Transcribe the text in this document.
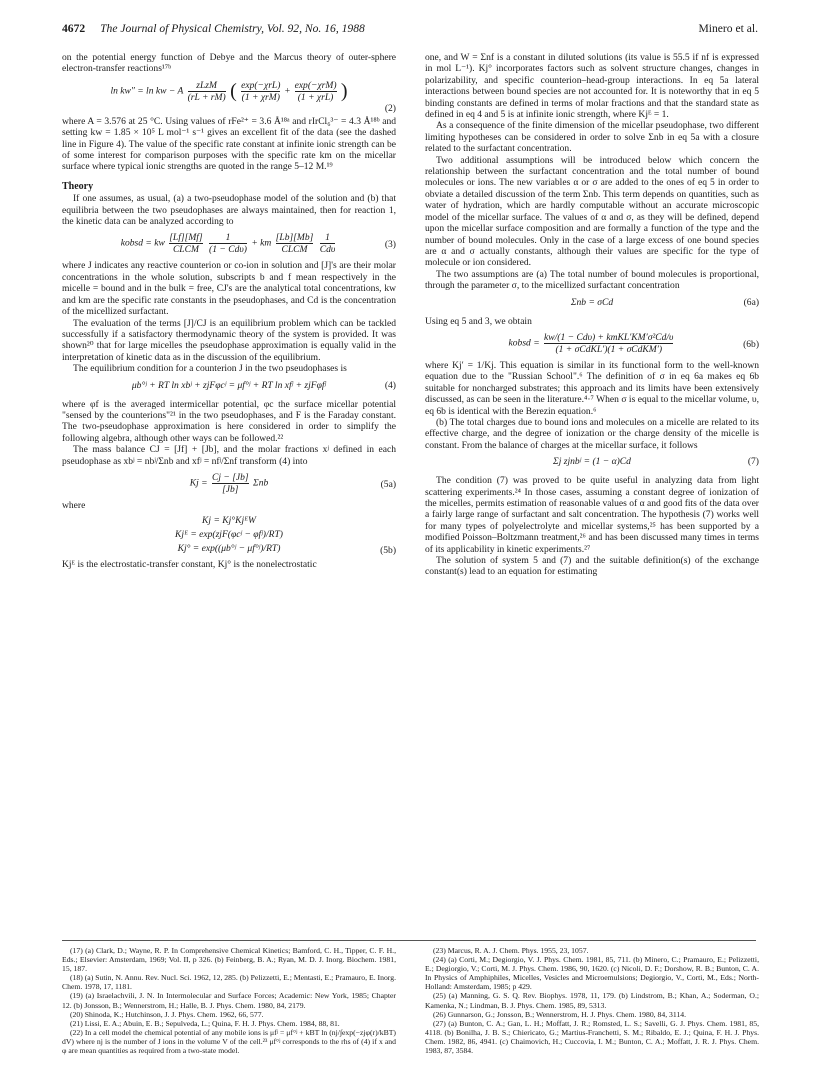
4672 The Journal of Physical Chemistry, Vol. 92, No. 16, 1988	Minero et al.

on the potential energy function of Debye and the Marcus theory of outer-sphere electron-transfer reactions¹⁷ᵇ

ln kw″ = ln kw − A $\frac{\text{zLzM}}{(rL + rM)}$ ( $\frac{\text{exp(−χrL)}}{\text{(1 + χrM)}} + \frac{\text{exp(−χrM)}}{\text{(1 + χrL)}}$ )
(2)

where A = 3.576 at 25 °C. Using values of rFe²⁺ = 3.6 Å¹⁸ᵃ and rIrCl₆³⁻ = 4.3 Å¹⁸ᵇ and setting kw = 1.85 × 10⁵ L mol⁻¹ s⁻¹ gives an excellent fit of the data (see the dashed line in Figure 4). The value of the specific rate constant at infinite ionic strength can be of some interest for comparison purposes with the specific rate km on the micellar surface where typical ionic strengths are quoted in the range 5–12 M.¹⁹

Theory

If one assumes, as usual, (a) a two-pseudophase model of the solution and (b) that equilibria between the two pseudophases are always maintained, then for reaction 1, the kinetic data can be analyzed according to

kobsd = kw $\frac{[Lf][Mf]}{\text{CLCM}}$
$\frac{1}{\text{(1 − Cdυ)}}$ + km $\frac{[Lb][Mb]}{\text{CLCM}}$
$\frac{1}{\text{Cdυ}}$	(3)

where J indicates any reactive counterion or co-ion in solution and [J]'s are their molar concentrations in the whole solution, subscripts b and f mean respectively in the micelle = bound and in the bulk = free, CJ's are the analytical total concentrations, kw and km are the specific rate constants in the pseudophases, and Cd is the concentration of the micellized surfactant.

The evaluation of the terms [J]/CJ is an equilibrium problem which can be tackled successfully if a satisfactory thermodynamic theory of the system is provided. It was shown²⁰ that for large micelles the pseudophase approximation is equally valid in the interpretation of kinetic data as in the discussion of the equilibrium.

The equilibrium condition for a counterion J in the two pseudophases is

μb°ʲ + RT ln xbʲ + zjFφcʲ = μf°ʲ + RT ln xfʲ + zjFφfʲ	(4)

where φf is the averaged intermicellar potential, φc the surface micellar potential "sensed by the counterions"²¹ in the two pseudophases, and F is the Faraday constant. The two-pseudophase approximation is here considered in order to simplify the following algebra, although other ways can be followed.²²

The mass balance CJ = [Jf] + [Jb], and the molar fractions xʲ defined in each pseudophase as xbʲ = nbʲ/Σnb and xfʲ = nfʲ/Σnf transform (4) into

$Kj = \frac{Cj - [Jb]}{[Jb]}$ Σnb	(5a)

where

Kj = Kj°KjᴱW
Kjᴱ = exp(zjF(φcʲ − φfʲ)/RT)
Kj° = exp((μb°ʲ − μf°ʲ)/RT)	(5b)

Kjᴱ is the electrostatic-transfer constant, Kj° is the nonelectrostatic

one, and W = Σnf is a constant in diluted solutions (its value is 55.5 if nf is expressed in mol L⁻¹). Kj° incorporates factors such as solvent structure changes, changes in polarizability, and specific counterion–head-group interactions. In eq 5a lateral interactions between bound species are not accounted for. It is noteworthy that in eq 5 binding constants are defined in terms of molar fractions and that the standard state as defined in eq 4 and 5 is at infinite ionic strength, where Kjᴱ = 1.

As a consequence of the finite dimension of the micellar pseudophase, two different limiting hypotheses can be considered in order to solve Σnb in eq 5a with a closure related to the surfactant concentration.

Two additional assumptions will be introduced below which concern the relationship between the surfactant concentration and the total number of bound molecules or ions. The new variables α or σ are added to the ones of eq 5 in order to obviate a detailed discussion of the term Σnb. This term depends on quantities, such as water of hydration, which are hardly computable without an accurate microscopic model of the micellar surface. The values of α and σ, as they will be defined, depend upon the micellar surface composition and are formally a function of the type and the number of bound molecules. Only in the case of a large excess of one bound species are α and σ actually constants, although their values are specific for the type of molecule or ion considered.

The two assumptions are (a) The total number of bound molecules is proportional, through the parameter σ, to the micellized surfactant concentration

Σnb = σCd	(6a)

Using eq 5 and 3, we obtain

kobsd = $\frac{\text{kw/(1 − Cdυ) + kmKL′KM′σ²Cd/υ}}{\text{(1 + σCdKL′)(1 + σCdKM′)}}$	(6b)

where Kj′ = 1/Kj. This equation is similar in its functional form to the well-known equation due to the "Russian School".⁶ The definition of σ in eq 6a makes eq 6b suitable for noncharged substrates; this approach and its limits have been extensively discussed, as can be seen in the literature.⁴·⁷ When σ is equal to the micellar volume, υ, eq 6b is identical with the Berezin equation.⁶

(b) The total charges due to bound ions and molecules on a micelle are related to its effective charge, and the degree of ionization or the charge density of the micelle is constant. From the balance of charges at the micellar surface, it follows

Σj zjnbʲ = (1 − α)Cd	(7)

The condition (7) was proved to be quite useful in analyzing data from light scattering experiments.²⁴ In those cases, assuming a constant degree of ionization of the micelles, permits estimation of reasonable values of α and good fits of the data over a fairly large range of surfactant and salt concentration. The hypothesis (7) works well for many types of polyelectrolyte and micellar systems,²⁵ has been supported by a modified Poisson–Boltzmann treatment,²⁶ and has been discussed many times in terms of its applicability in kinetic experiments.²⁷

The solution of system 5 and (7) and the suitable definition(s) of the exchange constant(s) lead to an equation for estimating

(17) (a) Clark, D.; Wayne, R. P. In Comprehensive Chemical Kinetics; Bamford, C. H., Tipper, C. F. H., Eds.; Elsevier: Amsterdam, 1969; Vol. II, p 326. (b) Feinberg, B. A.; Ryan, M. D. J. Inorg. Biochem. 1981, 15, 187.

(18) (a) Sutin, N. Annu. Rev. Nucl. Sci. 1962, 12, 285. (b) Pelizzetti, E.; Mentasti, E.; Pramauro, E. Inorg. Chem. 1978, 17, 1181.

(19) (a) Israelachvili, J. N. In Intermolecular and Surface Forces; Academic: New York, 1985; Chapter 12. (b) Jonsson, B.; Wennerstrom, H.; Halle, B. J. Phys. Chem. 1980, 84, 2179.

(20) Shinoda, K.; Hutchinson, J. J. Phys. Chem. 1962, 66, 577.

(21) Lissi, E. A.; Abuin, E. B.; Sepulveda, L.; Quina, F. H. J. Phys. Chem. 1984, 88, 81.

(22) In a cell model the chemical potential of any mobile ions is μfʲ = μf°ʲ + kBT ln (nj/∫exp(−zjφ(r)/kBT) dV) where nj is the number of J ions in the volume V of the cell.²³ μf°ʲ corresponds to the rhs of (4) if x and φ are mean quantities as required from a two-state model.

(23) Marcus, R. A. J. Chem. Phys. 1955, 23, 1057.

(24) (a) Corti, M.; Degiorgio, V. J. Phys. Chem. 1981, 85, 711. (b) Minero, C.; Pramauro, E.; Pelizzetti, E.; Degiorgio, V.; Corti, M. J. Phys. Chem. 1986, 90, 1620. (c) Nicoli, D. F.; Dorshow, R. B.; Bunton, C. A. In Physics of Amphiphiles, Micelles, Vesicles and Microemulsions; Degiorgio, V., Corti, M., Eds.; North-Holland: Amsterdam, 1985; p 429.

(25) (a) Manning, G. S. Q. Rev. Biophys. 1978, 11, 179. (b) Lindstrom, B.; Khan, A.; Soderman, O.; Kamenka, N.; Lindman, B. J. Phys. Chem. 1985, 89, 5313.

(26) Gunnarson, G.; Jonsson, B.; Wennerstrom, H. J. Phys. Chem. 1980, 84, 3114.

(27) (a) Bunton, C. A.; Gan, L. H.; Moffatt, J. R.; Romsted, L. S.; Savelli, G. J. Phys. Chem. 1981, 85, 4118. (b) Bonilha, J. B. S.; Chiericato, G.; Martius-Franchetti, S. M.; Ribaldo, E. J.; Quina, F. H. J. Phys. Chem. 1982, 86, 4941. (c) Chaimovich, H.; Cuccovia, I. M.; Bunton, C. A.; Moffatt, J. R. J. Phys. Chem. 1983, 87, 3584.
